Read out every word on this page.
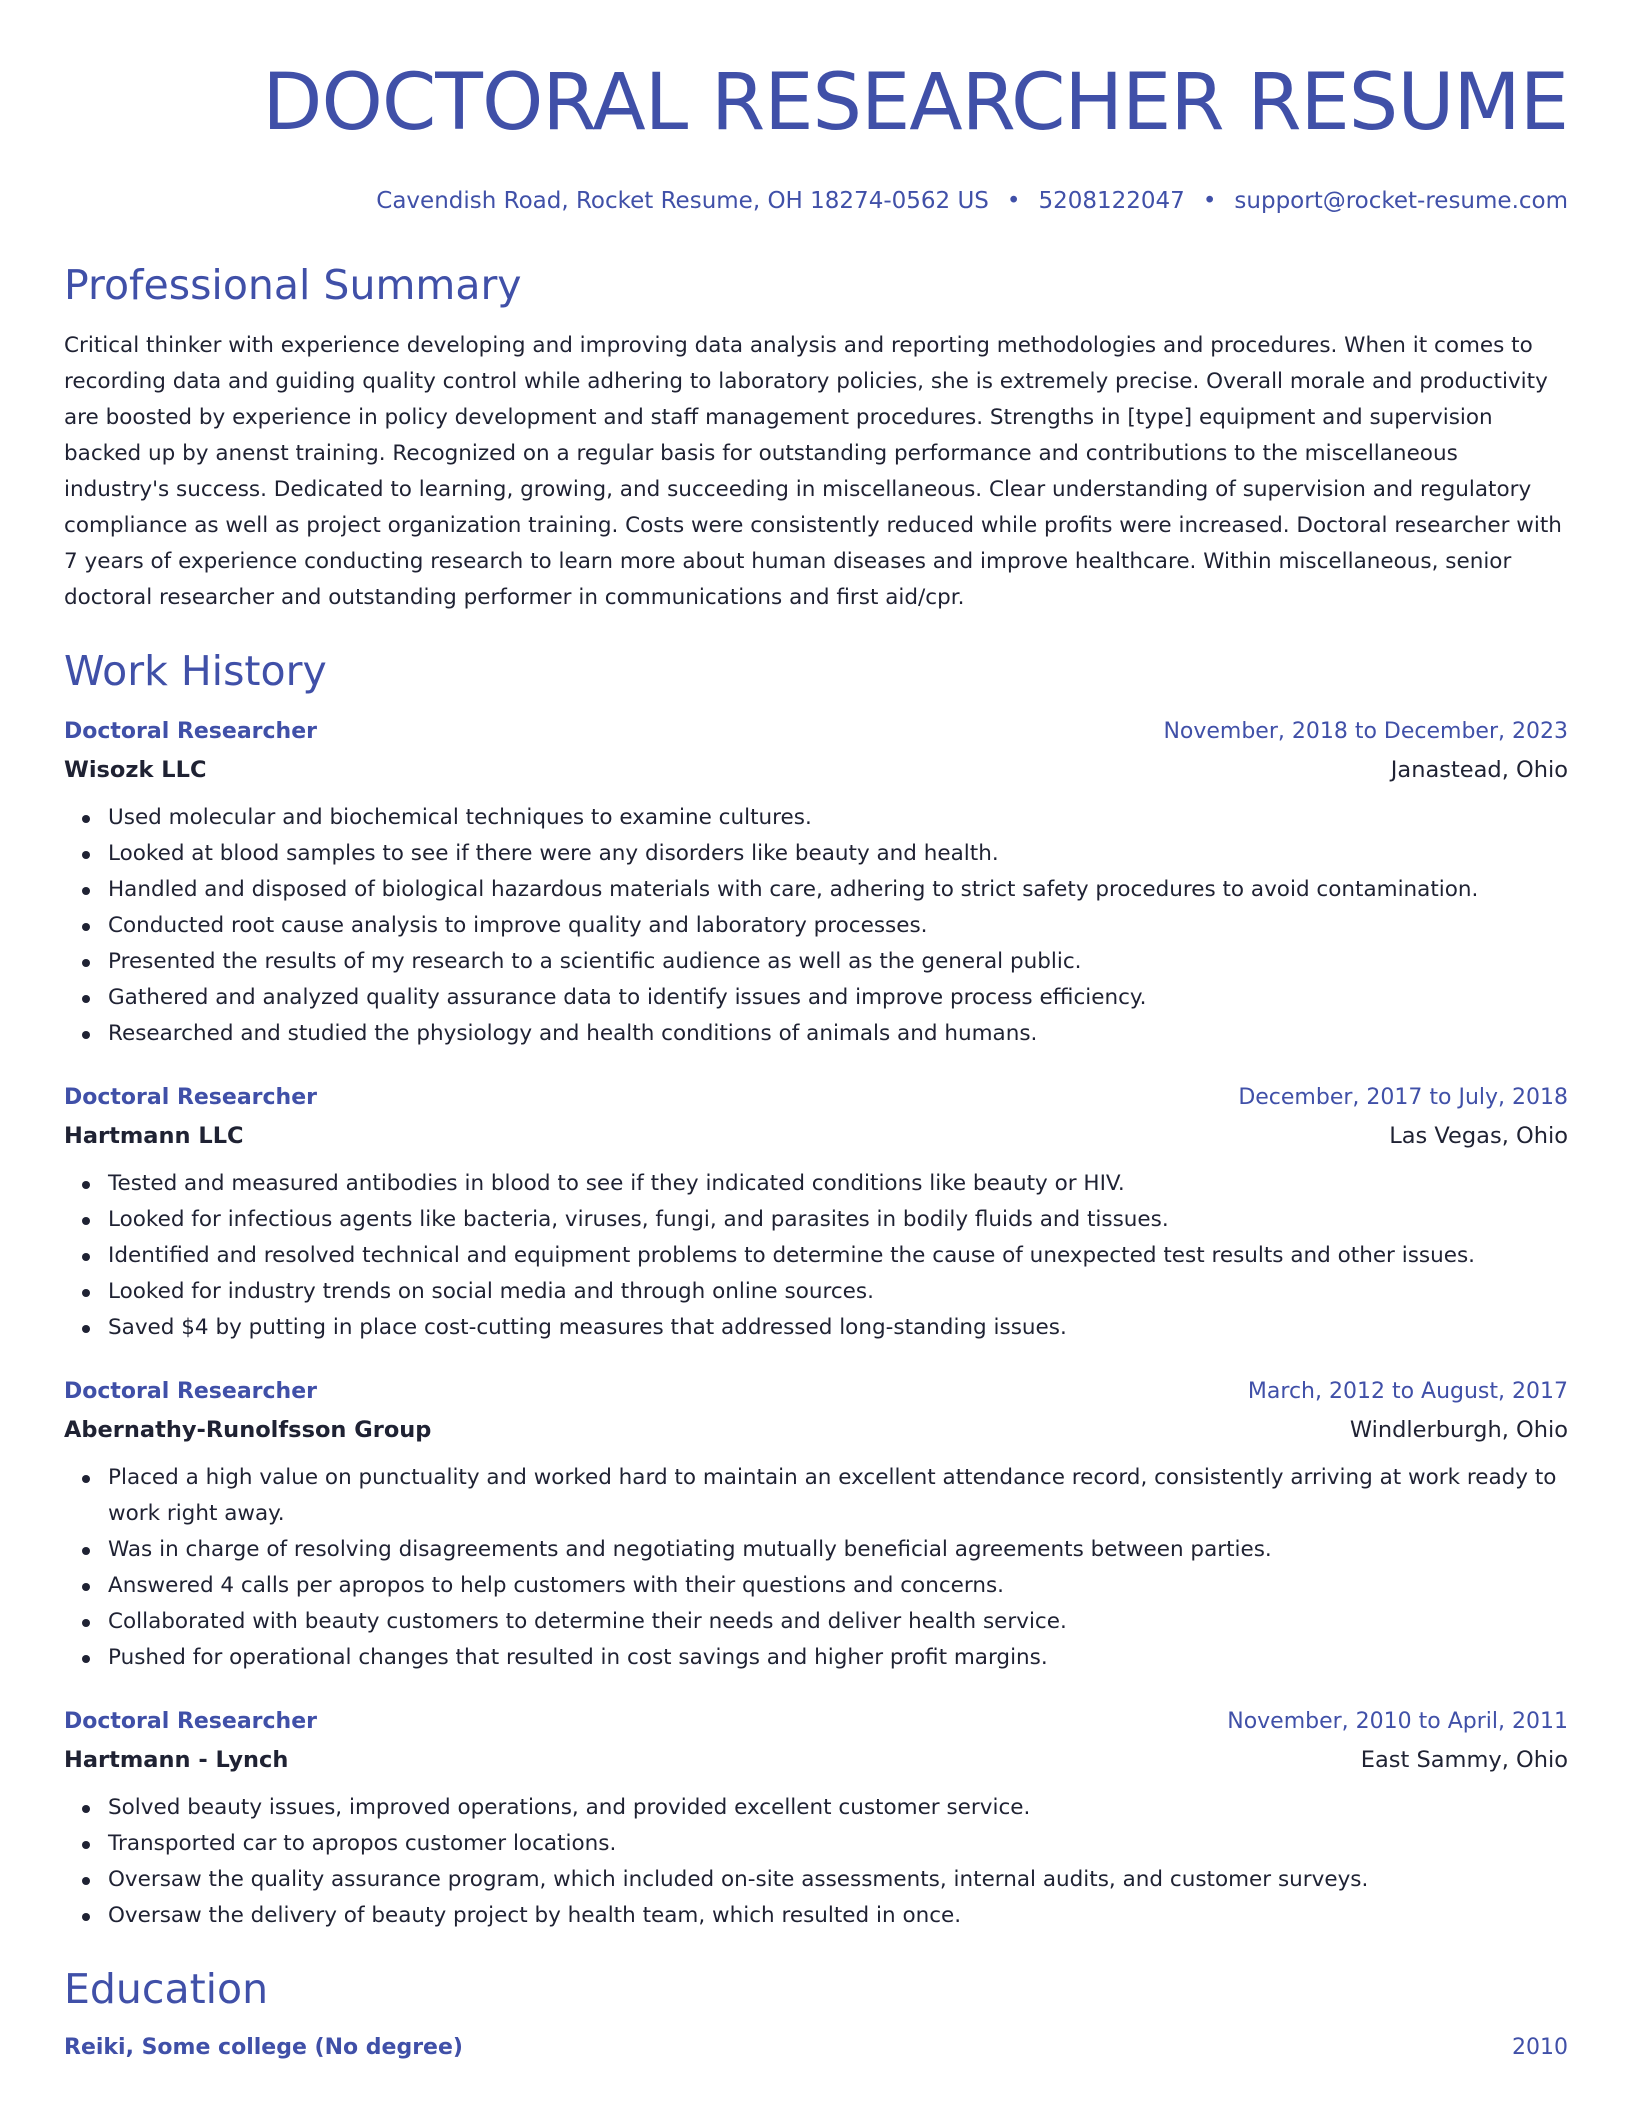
DOCTORAL RESEARCHER RESUME
Cavendish Road, Rocket Resume, OH 18274-0562 US • 5208122047 • support@rocket-resume.com
Professional Summary
Critical thinker with experience developing and improving data analysis and reporting methodologies and procedures. When it comes to recording data and guiding quality control while adhering to laboratory policies, she is extremely precise. Overall morale and productivity are boosted by experience in policy development and staff management procedures. Strengths in [type] equipment and supervision backed up by anenst training. Recognized on a regular basis for outstanding performance and contributions to the miscellaneous industry's success. Dedicated to learning, growing, and succeeding in miscellaneous. Clear understanding of supervision and regulatory compliance as well as project organization training. Costs were consistently reduced while profits were increased. Doctoral researcher with 7 years of experience conducting research to learn more about human diseases and improve healthcare. Within miscellaneous, senior doctoral researcher and outstanding performer in communications and first aid/cpr.
Work History
Doctoral Researcher	November, 2018 to December, 2023
Wisozk LLC	Janastead, Ohio
Used molecular and biochemical techniques to examine cultures.
Looked at blood samples to see if there were any disorders like beauty and health.
Handled and disposed of biological hazardous materials with care, adhering to strict safety procedures to avoid contamination.
Conducted root cause analysis to improve quality and laboratory processes.
Presented the results of my research to a scientific audience as well as the general public.
Gathered and analyzed quality assurance data to identify issues and improve process efficiency.
Researched and studied the physiology and health conditions of animals and humans.
Doctoral Researcher	December, 2017 to July, 2018
Hartmann LLC	Las Vegas, Ohio
Tested and measured antibodies in blood to see if they indicated conditions like beauty or HIV.
Looked for infectious agents like bacteria, viruses, fungi, and parasites in bodily fluids and tissues.
Identified and resolved technical and equipment problems to determine the cause of unexpected test results and other issues.
Looked for industry trends on social media and through online sources.
Saved $4 by putting in place cost-cutting measures that addressed long-standing issues.
Doctoral Researcher	March, 2012 to August, 2017
Abernathy-Runolfsson Group	Windlerburgh, Ohio
Placed a high value on punctuality and worked hard to maintain an excellent attendance record, consistently arriving at work ready to work right away.
Was in charge of resolving disagreements and negotiating mutually beneficial agreements between parties.
Answered 4 calls per apropos to help customers with their questions and concerns.
Collaborated with beauty customers to determine their needs and deliver health service.
Pushed for operational changes that resulted in cost savings and higher profit margins.
Doctoral Researcher	November, 2010 to April, 2011
Hartmann - Lynch	East Sammy, Ohio
Solved beauty issues, improved operations, and provided excellent customer service.
Transported car to apropos customer locations.
Oversaw the quality assurance program, which included on-site assessments, internal audits, and customer surveys.
Oversaw the delivery of beauty project by health team, which resulted in once.
Education
Reiki, Some college (No degree)	2010
